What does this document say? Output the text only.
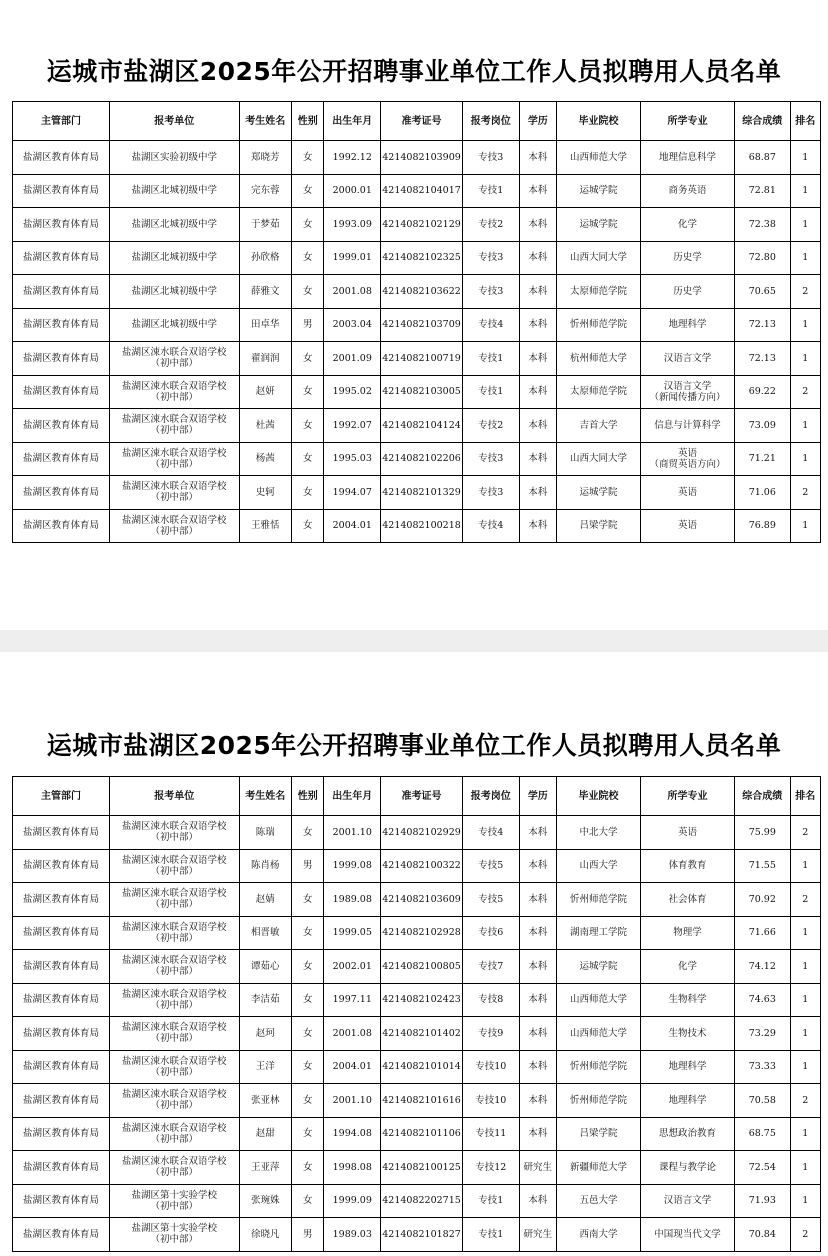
运城市盐湖区2025年公开招聘事业单位工作人员拟聘用人员名单
主管部门	报考单位	考生姓名	性别	出生年月	准考证号	报考岗位	学历	毕业院校	所学专业	综合成绩	排名
盐湖区教育体育局	盐湖区实验初级中学	郑晓芳	女	1992.12	4214082103909	专技3	本科	山西师范大学	地理信息科学	68.87	1
盐湖区教育体育局	盐湖区北城初级中学	完东蓉	女	2000.01	4214082104017	专技1	本科	运城学院	商务英语	72.81	1
盐湖区教育体育局	盐湖区北城初级中学	于梦茹	女	1993.09	4214082102129	专技2	本科	运城学院	化学	72.38	1
盐湖区教育体育局	盐湖区北城初级中学	孙欣格	女	1999.01	4214082102325	专技3	本科	山西大同大学	历史学	72.80	1
盐湖区教育体育局	盐湖区北城初级中学	薛雅文	女	2001.08	4214082103622	专技3	本科	太原师范学院	历史学	70.65	2
盐湖区教育体育局	盐湖区北城初级中学	田卓华	男	2003.04	4214082103709	专技4	本科	忻州师范学院	地理科学	72.13	1
盐湖区教育体育局	盐湖区涑水联合双语学校
（初中部）	翟润润	女	2001.09	4214082100719	专技1	本科	杭州师范大学	汉语言文学	72.13	1
盐湖区教育体育局	盐湖区涑水联合双语学校
（初中部）	赵妍	女	1995.02	4214082103005	专技1	本科	太原师范学院	汉语言文学
（新闻传播方向）	69.22	2
盐湖区教育体育局	盐湖区涑水联合双语学校
（初中部）	杜茜	女	1992.07	4214082104124	专技2	本科	吉首大学	信息与计算科学	73.09	1
盐湖区教育体育局	盐湖区涑水联合双语学校
（初中部）	杨茜	女	1995.03	4214082102206	专技3	本科	山西大同大学	英语
（商贸英语方向）	71.21	1
盐湖区教育体育局	盐湖区涑水联合双语学校
（初中部）	史轲	女	1994.07	4214082101329	专技3	本科	运城学院	英语	71.06	2
盐湖区教育体育局	盐湖区涑水联合双语学校
（初中部）	王雅恬	女	2004.01	4214082100218	专技4	本科	吕梁学院	英语	76.89	1
运城市盐湖区2025年公开招聘事业单位工作人员拟聘用人员名单
主管部门	报考单位	考生姓名	性别	出生年月	准考证号	报考岗位	学历	毕业院校	所学专业	综合成绩	排名
盐湖区教育体育局	盐湖区涑水联合双语学校
（初中部）	陈瑞	女	2001.10	4214082102929	专技4	本科	中北大学	英语	75.99	2
盐湖区教育体育局	盐湖区涑水联合双语学校
（初中部）	陈肖杨	男	1999.08	4214082100322	专技5	本科	山西大学	体育教育	71.55	1
盐湖区教育体育局	盐湖区涑水联合双语学校
（初中部）	赵婧	女	1989.08	4214082103609	专技5	本科	忻州师范学院	社会体育	70.92	2
盐湖区教育体育局	盐湖区涑水联合双语学校
（初中部）	相晋敏	女	1999.05	4214082102928	专技6	本科	湖南理工学院	物理学	71.66	1
盐湖区教育体育局	盐湖区涑水联合双语学校
（初中部）	谭茹心	女	2002.01	4214082100805	专技7	本科	运城学院	化学	74.12	1
盐湖区教育体育局	盐湖区涑水联合双语学校
（初中部）	李洁茹	女	1997.11	4214082102423	专技8	本科	山西师范大学	生物科学	74.63	1
盐湖区教育体育局	盐湖区涑水联合双语学校
（初中部）	赵珂	女	2001.08	4214082101402	专技9	本科	山西师范大学	生物技术	73.29	1
盐湖区教育体育局	盐湖区涑水联合双语学校
（初中部）	王洋	女	2004.01	4214082101014	专技10	本科	忻州师范学院	地理科学	73.33	1
盐湖区教育体育局	盐湖区涑水联合双语学校
（初中部）	张亚林	女	2001.10	4214082101616	专技10	本科	忻州师范学院	地理科学	70.58	2
盐湖区教育体育局	盐湖区涑水联合双语学校
（初中部）	赵甜	女	1994.08	4214082101106	专技11	本科	吕梁学院	思想政治教育	68.75	1
盐湖区教育体育局	盐湖区涑水联合双语学校
（初中部）	王亚萍	女	1998.08	4214082100125	专技12	研究生	新疆师范大学	课程与教学论	72.54	1
盐湖区教育体育局	盐湖区第十实验学校
（初中部）	张琬姝	女	1999.09	4214082202715	专技1	本科	五邑大学	汉语言文学	71.93	1
盐湖区教育体育局	盐湖区第十实验学校
（初中部）	徐晓凡	男	1989.03	4214082101827	专技1	研究生	西南大学	中国现当代文学	70.84	2
